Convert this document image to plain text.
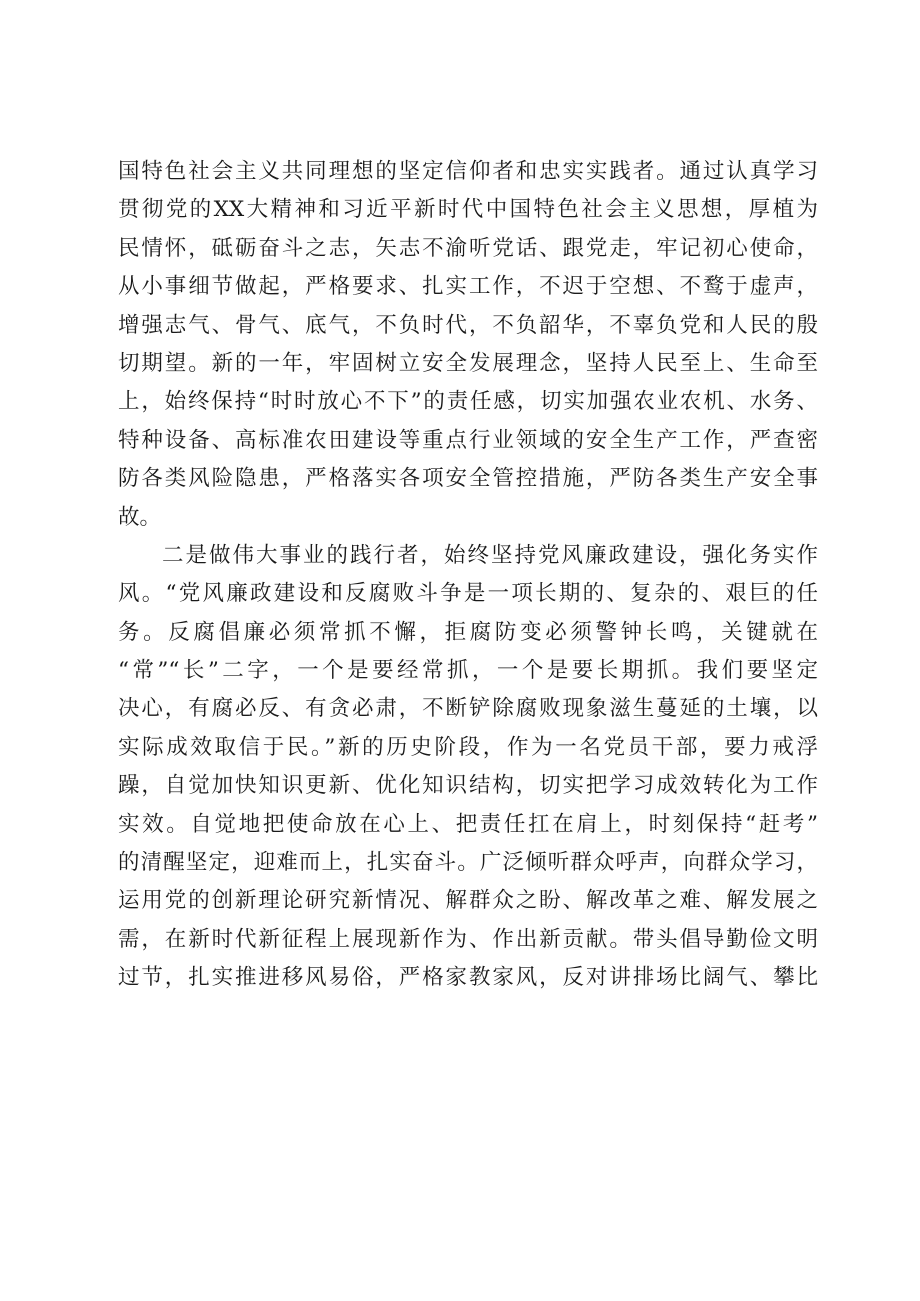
国特色社会主义共同理想的坚定信仰者和忠实实践者。通过认真学习
贯彻党的XX大精神和习近平新时代中国特色社会主义思想，厚植为
民情怀，砥砺奋斗之志，矢志不渝听党话、跟党走，牢记初心使命，
从小事细节做起，严格要求、扎实工作，不迟于空想、不鹜于虚声，
增强志气、骨气、底气，不负时代，不负韶华，不辜负党和人民的殷
切期望。新的一年，牢固树立安全发展理念，坚持人民至上、生命至
上，始终保持“时时放心不下”的责任感，切实加强农业农机、水务、
特种设备、高标准农田建设等重点行业领域的安全生产工作，严查密
防各类风险隐患，严格落实各项安全管控措施，严防各类生产安全事
故。
二是做伟大事业的践行者，始终坚持党风廉政建设，强化务实作
风。“党风廉政建设和反腐败斗争是一项长期的、复杂的、艰巨的任
务。反腐倡廉必须常抓不懈，拒腐防变必须警钟长鸣，关键就在
“常”“长”二字，一个是要经常抓，一个是要长期抓。我们要坚定
决心，有腐必反、有贪必肃，不断铲除腐败现象滋生蔓延的土壤，以
实际成效取信于民。”新的历史阶段，作为一名党员干部，要力戒浮
躁，自觉加快知识更新、优化知识结构，切实把学习成效转化为工作
实效。自觉地把使命放在心上、把责任扛在肩上，时刻保持“赶考”
的清醒坚定，迎难而上，扎实奋斗。广泛倾听群众呼声，向群众学习，
运用党的创新理论研究新情况、解群众之盼、解改革之难、解发展之
需，在新时代新征程上展现新作为、作出新贡献。带头倡导勤俭文明
过节，扎实推进移风易俗，严格家教家风，反对讲排场比阔气、攀比
